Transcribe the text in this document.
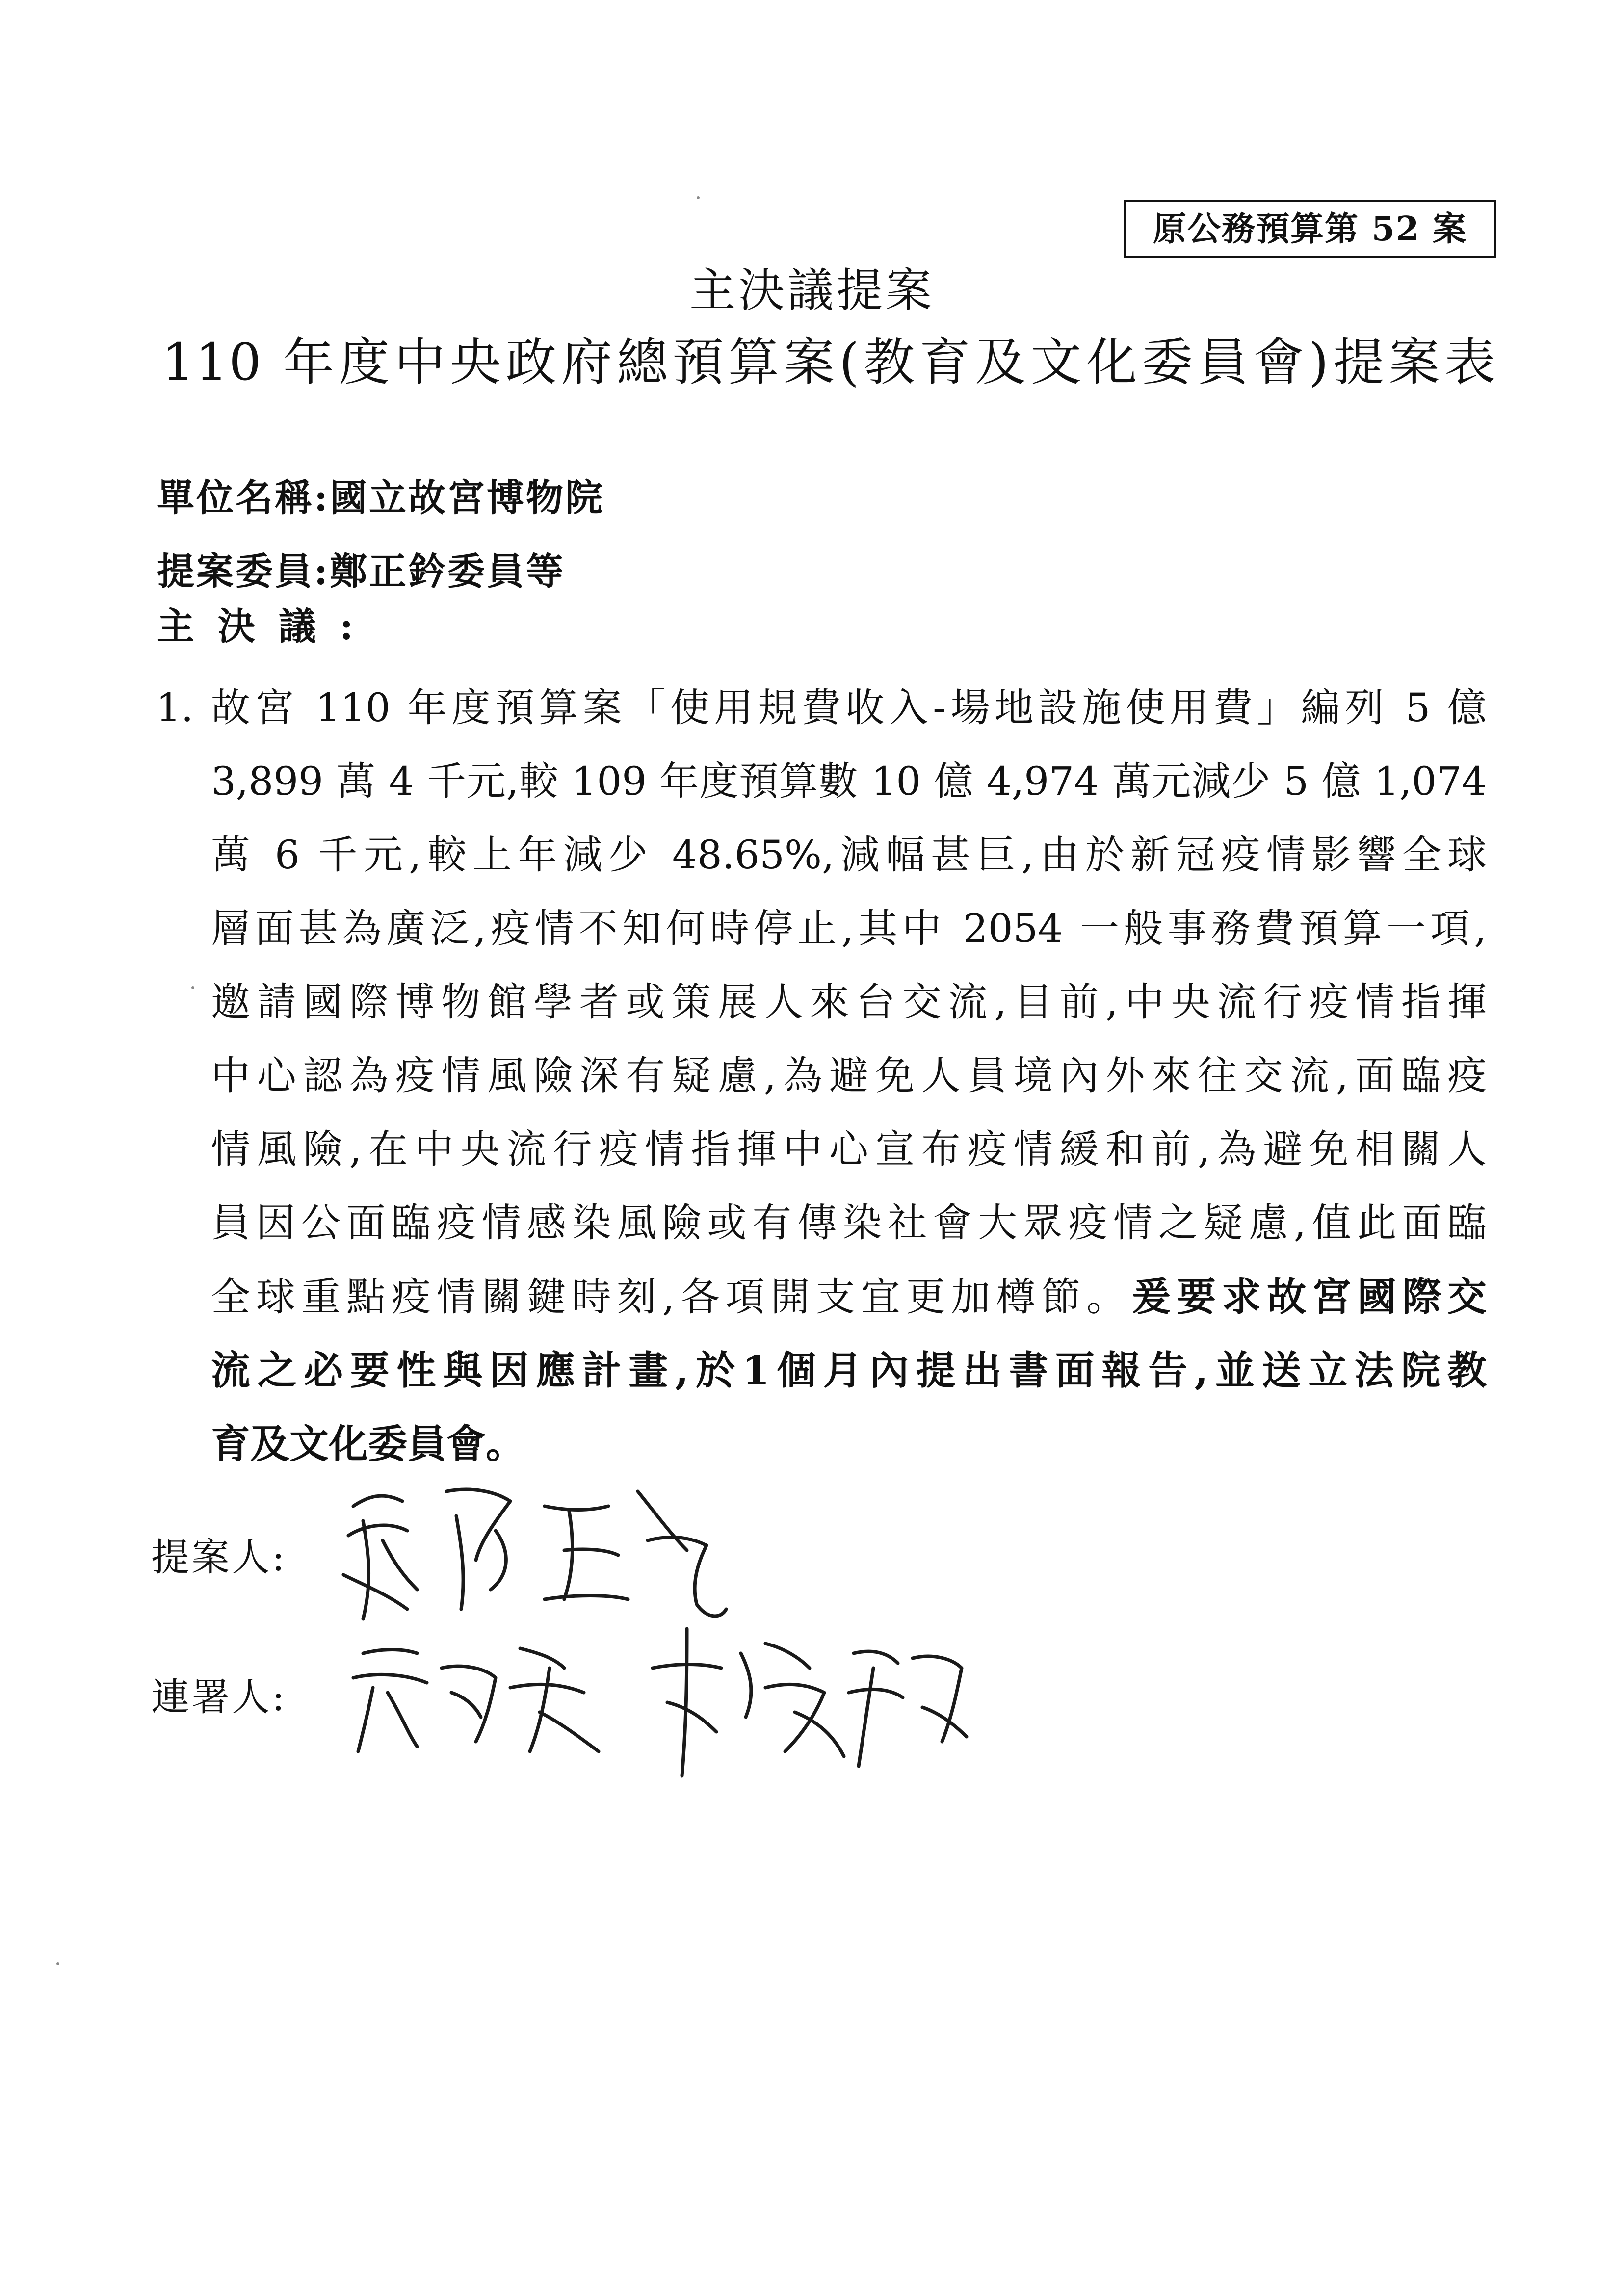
原公務預算第 52 案
主決議提案
110 年度中央政府總預算案(教育及文化委員會)提案表
單位名稱:國立故宮博物院
提案委員:鄭正鈐委員等
主決議:
1. 故宮 110 年度預算案「使用規費收入-場地設施使用費」編列 5 億
3,899 萬 4 千元,較 109 年度預算數 10 億 4,974 萬元減少 5 億 1,074
萬 6 千元,較上年減少 48.65%,減幅甚巨,由於新冠疫情影響全球
層面甚為廣泛,疫情不知何時停止,其中 2054 一般事務費預算一項,
邀請國際博物館學者或策展人來台交流,目前,中央流行疫情指揮
中心認為疫情風險深有疑慮,為避免人員境內外來往交流,面臨疫
情風險,在中央流行疫情指揮中心宣布疫情緩和前,為避免相關人
員因公面臨疫情感染風險或有傳染社會大眾疫情之疑慮,值此面臨
全球重點疫情關鍵時刻,各項開支宜更加樽節。爰要求故宮國際交
流之必要性與因應計畫,於1個月內提出書面報告,並送立法院教
育及文化委員會。
提案人:
連署人:
